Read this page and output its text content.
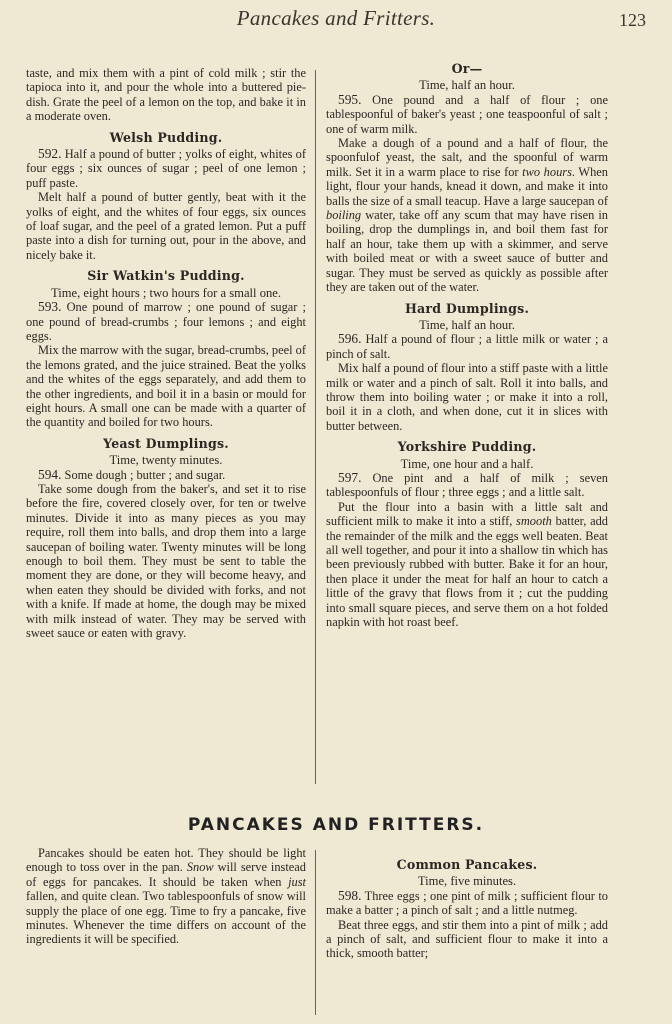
Pancakes and Fritters.	123

taste, and mix them with a pint of cold milk ; stir the tapioca into it, and pour the whole into a buttered pie-dish. Grate the peel of a lemon on the top, and bake it in a moderate oven.

Welsh Pudding.

592. Half a pound of butter ; yolks of eight, whites of four eggs ; six ounces of sugar ; peel of one lemon ; puff paste.

Melt half a pound of butter gently, beat with it the yolks of eight, and the whites of four eggs, six ounces of loaf sugar, and the peel of a grated lemon. Put a puff paste into a dish for turning out, pour in the above, and nicely bake it.

Sir Watkin's Pudding.

Time, eight hours ; two hours for a small one.

593. One pound of marrow ; one pound of sugar ; one pound of bread-crumbs ; four lemons ; and eight eggs.

Mix the marrow with the sugar, bread-crumbs, peel of the lemons grated, and the juice strained. Beat the yolks and the whites of the eggs separately, and add them to the other ingredients, and boil it in a basin or mould for eight hours. A small one can be made with a quarter of the quantity and boiled for two hours.

Yeast Dumplings.

Time, twenty minutes.

594. Some dough ; butter ; and sugar.

Take some dough from the baker's, and set it to rise before the fire, covered closely over, for ten or twelve minutes. Divide it into as many pieces as you may require, roll them into balls, and drop them into a large saucepan of boiling water. Twenty minutes will be long enough to boil them. They must be sent to table the moment they are done, or they will become heavy, and when eaten they should be divided with forks, and not with a knife. If made at home, the dough may be mixed with milk instead of water. They may be served with sweet sauce or eaten with gravy.

Or—

Time, half an hour.

595. One pound and a half of flour ; one tablespoonful of baker's yeast ; one teaspoonful of salt ; one of warm milk.

Make a dough of a pound and a half of flour, the spoonfulof yeast, the salt, and the spoonful of warm milk. Set it in a warm place to rise for two hours. When light, flour your hands, knead it down, and make it into balls the size of a small teacup. Have a large saucepan of boiling water, take off any scum that may have risen in boiling, drop the dumplings in, and boil them fast for half an hour, take them up with a skimmer, and serve with boiled meat or with a sweet sauce of butter and sugar. They must be served as quickly as possible after they are taken out of the water.

Hard Dumplings.

Time, half an hour.

596. Half a pound of flour ; a little milk or water ; a pinch of salt.

Mix half a pound of flour into a stiff paste with a little milk or water and a pinch of salt. Roll it into balls, and throw them into boiling water ; or make it into a roll, boil it in a cloth, and when done, cut it in slices with butter between.

Yorkshire Pudding.

Time, one hour and a half.

597. One pint and a half of milk ; seven tablespoonfuls of flour ; three eggs ; and a little salt.

Put the flour into a basin with a little salt and sufficient milk to make it into a stiff, smooth batter, add the remainder of the milk and the eggs well beaten. Beat all well together, and pour it into a shallow tin which has been previously rubbed with butter. Bake it for an hour, then place it under the meat for half an hour to catch a little of the gravy that flows from it ; cut the pudding into small square pieces, and serve them on a hot folded napkin with hot roast beef.

PANCAKES AND FRITTERS.

Pancakes should be eaten hot. They should be light enough to toss over in the pan. Snow will serve instead of eggs for pancakes. It should be taken when just fallen, and quite clean. Two tablespoonfuls of snow will supply the place of one egg. Time to fry a pancake, five minutes. Whenever the time differs on account of the ingredients it will be specified.

Common Pancakes.

Time, five minutes.

598. Three eggs ; one pint of milk ; sufficient flour to make a batter ; a pinch of salt ; and a little nutmeg.

Beat three eggs, and stir them into a pint of milk ; add a pinch of salt, and sufficient flour to make it into a thick, smooth batter;
